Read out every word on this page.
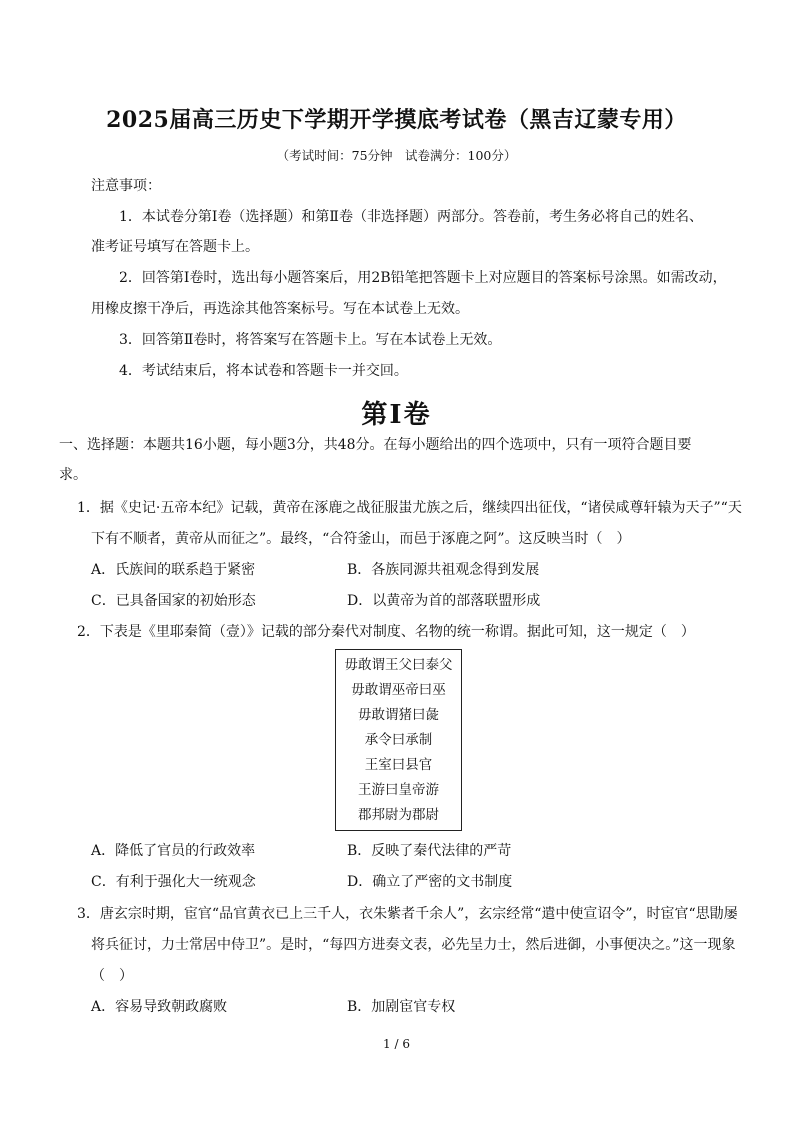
2025届高三历史下学期开学摸底考试卷（黑吉辽蒙专用）
（考试时间：75分钟　试卷满分：100分）
注意事项：
1．本试卷分第Ⅰ卷（选择题）和第Ⅱ卷（非选择题）两部分。答卷前，考生务必将自己的姓名、
准考证号填写在答题卡上。
2．回答第Ⅰ卷时，选出每小题答案后，用2B铅笔把答题卡上对应题目的答案标号涂黑。如需改动，
用橡皮擦干净后，再选涂其他答案标号。写在本试卷上无效。
3．回答第Ⅱ卷时，将答案写在答题卡上。写在本试卷上无效。
4．考试结束后，将本试卷和答题卡一并交回。
第Ⅰ卷
一、选择题：本题共16小题，每小题3分，共48分。在每小题给出的四个选项中，只有一项符合题目要
求。
1．据《史记·五帝本纪》记载，黄帝在涿鹿之战征服蚩尤族之后，继续四出征伐，“诸侯咸尊轩辕为天子”“天
下有不顺者，黄帝从而征之”。最终，“合符釜山，而邑于涿鹿之阿”。这反映当时（　）
A．氏族间的联系趋于紧密	B．各族同源共祖观念得到发展
C．已具备国家的初始形态	D．以黄帝为首的部落联盟形成
2．下表是《里耶秦简（壹）》记载的部分秦代对制度、名物的统一称谓。据此可知，这一规定（　）
毋敢谓王父曰泰父
毋敢谓巫帝曰巫
毋敢谓猪曰彘
承令曰承制
王室曰县官
王游曰皇帝游
郡邦尉为郡尉
A．降低了官员的行政效率	B．反映了秦代法律的严苛
C．有利于强化大一统观念	D．确立了严密的文书制度
3．唐玄宗时期，宦官“品官黄衣已上三千人，衣朱紫者千余人”，玄宗经常“遣中使宣诏令”，时宦官“思勖屡
将兵征讨，力士常居中侍卫”。是时，“每四方进奏文表，必先呈力士，然后进御，小事便决之。”这一现象
（　）
A．容易导致朝政腐败	B．加剧宦官专权
1 / 6
